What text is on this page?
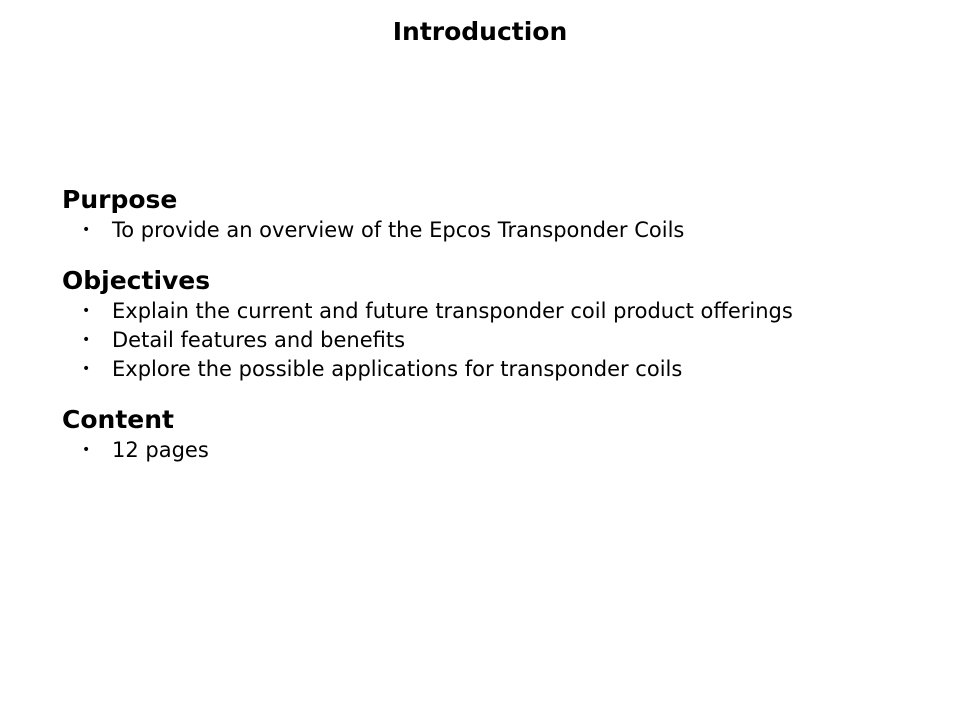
Introduction
Purpose
• To provide an overview of the Epcos Transponder Coils
Objectives
• Explain the current and future transponder coil product offerings
• Detail features and benefits
• Explore the possible applications for transponder coils
Content
• 12 pages
